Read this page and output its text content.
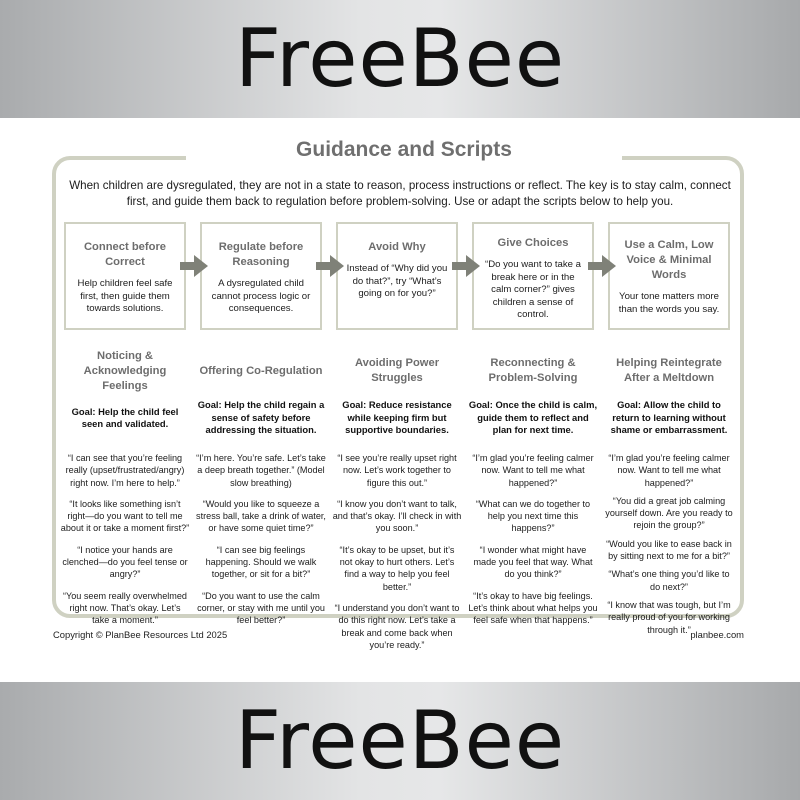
FreeBee
Guidance and Scripts
When children are dysregulated, they are not in a state to reason, process instructions or reflect. The key is to stay calm, connect first, and guide them back to regulation before problem-solving. Use or adapt the scripts below to help you.
Connect before Correct
Help children feel safe first, then guide them towards solutions.
Regulate before Reasoning
A dysregulated child cannot process logic or consequences.
Avoid Why
Instead of “Why did you do that?”, try “What’s going on for you?”
Give Choices
“Do you want to take a break here or in the calm corner?” gives children a sense of control.
Use a Calm, Low Voice & Minimal Words
Your tone matters more than the words you say.
Noticing & Acknowledging Feelings
Goal: Help the child feel seen and validated.

“I can see that you’re feeling really (upset/frustrated/angry) right now. I’m here to help.”

“It looks like something isn’t right—do you want to tell me about it or take a moment first?”

“I notice your hands are clenched—do you feel tense or angry?”

“You seem really overwhelmed right now. That’s okay. Let’s take a moment.”

Offering Co-Regulation
Goal: Help the child regain a sense of safety before addressing the situation.

“I’m here. You’re safe. Let’s take a deep breath together.” (Model slow breathing)

“Would you like to squeeze a stress ball, take a drink of water, or have some quiet time?”

“I can see big feelings happening. Should we walk together, or sit for a bit?”

“Do you want to use the calm corner, or stay with me until you feel better?”

Avoiding Power Struggles
Goal: Reduce resistance while keeping firm but supportive boundaries.

“I see you’re really upset right now. Let’s work together to figure this out.”

“I know you don’t want to talk, and that’s okay. I’ll check in with you soon.”

“It’s okay to be upset, but it’s not okay to hurt others. Let’s find a way to help you feel better.”

“I understand you don’t want to do this right now. Let’s take a break and come back when you’re ready.”

Reconnecting & Problem-Solving
Goal: Once the child is calm, guide them to reflect and plan for next time.

“I’m glad you’re feeling calmer now. Want to tell me what happened?”

“What can we do together to help you next time this happens?”

“I wonder what might have made you feel that way. What do you think?”

“It’s okay to have big feelings. Let’s think about what helps you feel safe when that happens.”

Helping Reintegrate After a Meltdown
Goal: Allow the child to return to learning without shame or embarrassment.

“I’m glad you’re feeling calmer now. Want to tell me what happened?”

“You did a great job calming yourself down. Are you ready to rejoin the group?”

“Would you like to ease back in by sitting next to me for a bit?”

“What’s one thing you’d like to do next?”

“I know that was tough, but I’m really proud of you for working through it.”

Copyright © PlanBee Resources Ltd 2025	planbee.com
FreeBee
